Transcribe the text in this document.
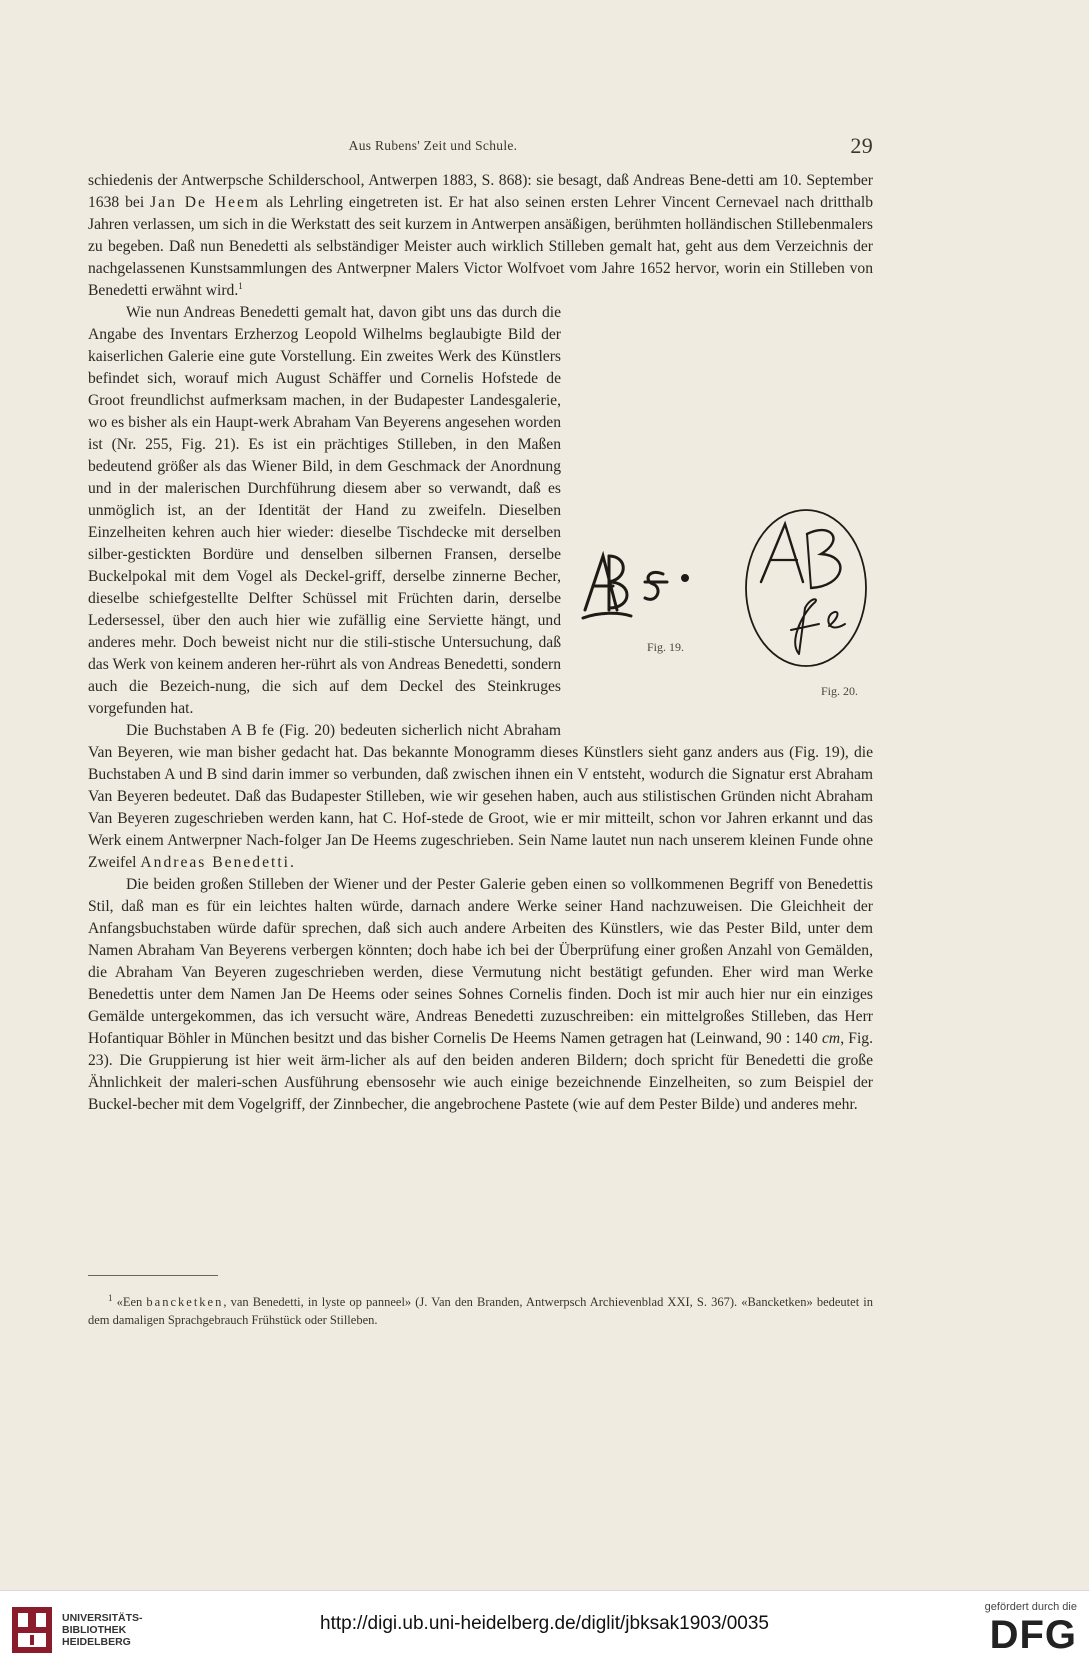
Aus Rubens' Zeit und Schule.	29

schiedenis der Antwerpsche Schilderschool, Antwerpen 1883, S. 868): sie besagt, daß Andreas Bene-detti am 10. September 1638 bei Jan De Heem als Lehrling eingetreten ist. Er hat also seinen ersten Lehrer Vincent Cernevael nach dritthalb Jahren verlassen, um sich in die Werkstatt des seit kurzem in Antwerpen ansäßigen, berühmten holländischen Stillebenmalers zu begeben. Daß nun Benedetti als selbständiger Meister auch wirklich Stilleben gemalt hat, geht aus dem Verzeichnis der nachgelassenen Kunstsammlungen des Antwerpner Malers Victor Wolfvoet vom Jahre 1652 hervor, worin ein Stilleben von Benedetti erwähnt wird.$^1$

Fig. 19.
Fig. 20.
Wie nun Andreas Benedetti gemalt hat, davon gibt uns das durch die Angabe des Inventars Erzherzog Leopold Wilhelms beglaubigte Bild der kaiserlichen Galerie eine gute Vorstellung. Ein zweites Werk des Künstlers befindet sich, worauf mich August Schäffer und Cornelis Hofstede de Groot freundlichst aufmerksam machen, in der Budapester Landesgalerie, wo es bisher als ein Haupt-werk Abraham Van Beyerens angesehen worden ist (Nr. 255, Fig. 21). Es ist ein prächtiges Stilleben, in den Maßen bedeutend größer als das Wiener Bild, in dem Geschmack der Anordnung und in der malerischen Durchführung diesem aber so verwandt, daß es unmöglich ist, an der Identität der Hand zu zweifeln. Dieselben Einzelheiten kehren auch hier wieder: dieselbe Tischdecke mit derselben silber-gestickten Bordüre und denselben silbernen Fransen, derselbe Buckelpokal mit dem Vogel als Deckel-griff, derselbe zinnerne Becher, dieselbe schiefgestellte Delfter Schüssel mit Früchten darin, derselbe Ledersessel, über den auch hier wie zufällig eine Serviette hängt, und anderes mehr. Doch beweist nicht nur die stili-stische Untersuchung, daß das Werk von keinem anderen her-rührt als von Andreas Benedetti, sondern auch die Bezeich-nung, die sich auf dem Deckel des Steinkruges vorgefunden hat.

Die Buchstaben A B fe (Fig. 20) bedeuten sicherlich nicht Abraham Van Beyeren, wie man bisher gedacht hat. Das bekannte Monogramm dieses Künstlers sieht ganz anders aus (Fig. 19), die Buchstaben A und B sind darin immer so verbunden, daß zwischen ihnen ein V entsteht, wodurch die Signatur erst Abraham Van Beyeren bedeutet. Daß das Budapester Stilleben, wie wir gesehen haben, auch aus stilistischen Gründen nicht Abraham Van Beyeren zugeschrieben werden kann, hat C. Hof-stede de Groot, wie er mir mitteilt, schon vor Jahren erkannt und das Werk einem Antwerpner Nach-folger Jan De Heems zugeschrieben. Sein Name lautet nun nach unserem kleinen Funde ohne Zweifel Andreas Benedetti.

Die beiden großen Stilleben der Wiener und der Pester Galerie geben einen so vollkommenen Begriff von Benedettis Stil, daß man es für ein leichtes halten würde, darnach andere Werke seiner Hand nachzuweisen. Die Gleichheit der Anfangsbuchstaben würde dafür sprechen, daß sich auch andere Arbeiten des Künstlers, wie das Pester Bild, unter dem Namen Abraham Van Beyerens verbergen könnten; doch habe ich bei der Überprüfung einer großen Anzahl von Gemälden, die Abraham Van Beyeren zugeschrieben werden, diese Vermutung nicht bestätigt gefunden. Eher wird man Werke Benedettis unter dem Namen Jan De Heems oder seines Sohnes Cornelis finden. Doch ist mir auch hier nur ein einziges Gemälde untergekommen, das ich versucht wäre, Andreas Benedetti zuzuschreiben: ein mittelgroßes Stilleben, das Herr Hofantiquar Böhler in München besitzt und das bisher Cornelis De Heems Namen getragen hat (Leinwand, 90 : 140 cm, Fig. 23). Die Gruppierung ist hier weit ärm-licher als auf den beiden anderen Bildern; doch spricht für Benedetti die große Ähnlichkeit der maleri-schen Ausführung ebensosehr wie auch einige bezeichnende Einzelheiten, so zum Beispiel der Buckel-becher mit dem Vogelgriff, der Zinnbecher, die angebrochene Pastete (wie auf dem Pester Bilde) und anderes mehr.

$^1$ «Een bancketken, van Benedetti, in lyste op panneel» (J. Van den Branden, Antwerpsch Archievenblad XXI, S. 367). «Bancketken» bedeutet in dem damaligen Sprachgebrauch Frühstück oder Stilleben.

UNIVERSITÄTS-
BIBLIOTHEK
HEIDELBERG
http://digi.ub.uni-heidelberg.de/diglit/jbksak1903/0035
gefördert durch die
DFG
